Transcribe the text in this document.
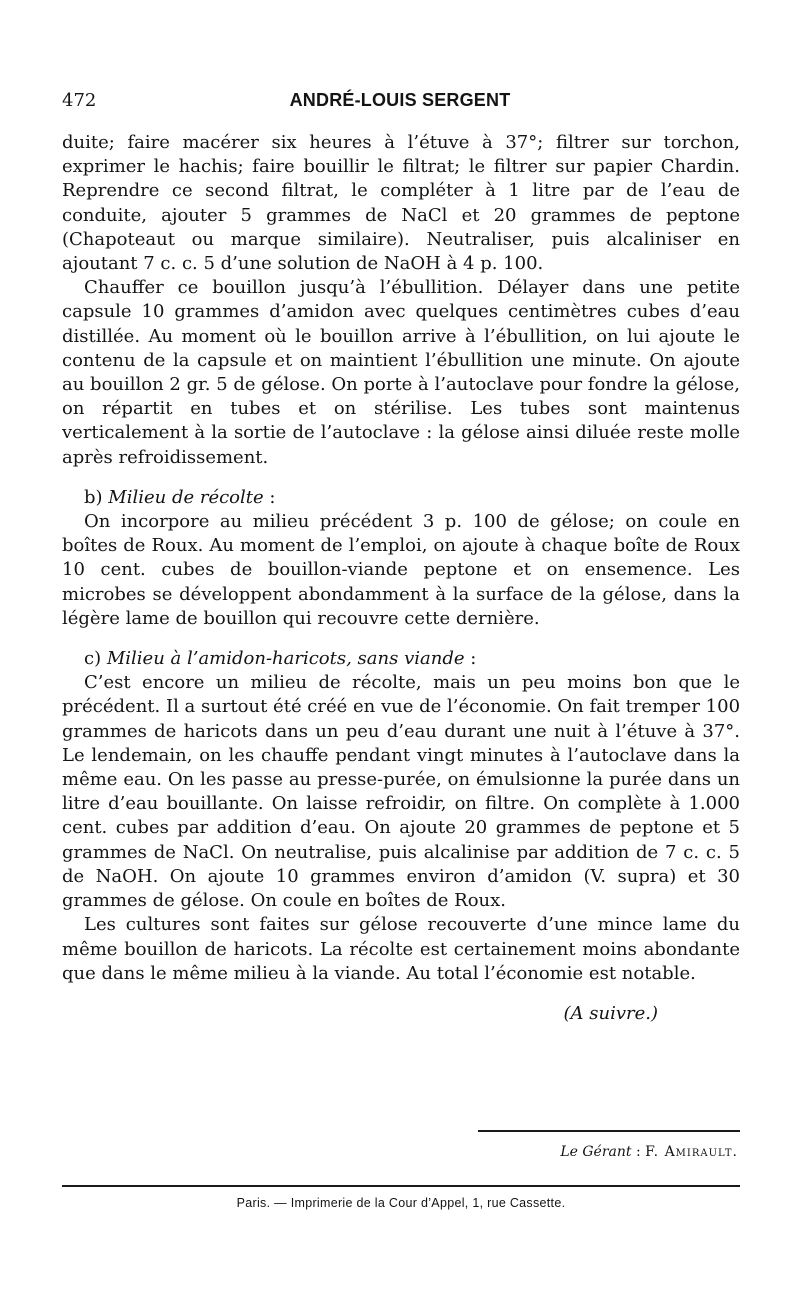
472	ANDRÉ-LOUIS SERGENT

duite; faire macérer six heures à l’étuve à 37°; filtrer sur torchon, exprimer le hachis; faire bouillir le filtrat; le filtrer sur papier Chardin. Reprendre ce second filtrat, le compléter à 1 litre par de l’eau de conduite, ajouter 5 grammes de NaCl et 20 grammes de peptone (Chapoteaut ou marque similaire). Neutraliser, puis alcaliniser en ajoutant 7 c. c. 5 d’une solution de NaOH à 4 p. 100.

Chauffer ce bouillon jusqu’à l’ébullition. Délayer dans une petite capsule 10 grammes d’amidon avec quelques centimètres cubes d’eau distillée. Au moment où le bouillon arrive à l’ébullition, on lui ajoute le contenu de la capsule et on maintient l’ébullition une minute. On ajoute au bouillon 2 gr. 5 de gélose. On porte à l’autoclave pour fondre la gélose, on répartit en tubes et on stérilise. Les tubes sont maintenus verticalement à la sortie de l’autoclave : la gélose ainsi diluée reste molle après refroidissement.

b) Milieu de récolte :

On incorpore au milieu précédent 3 p. 100 de gélose; on coule en boîtes de Roux. Au moment de l’emploi, on ajoute à chaque boîte de Roux 10 cent. cubes de bouillon-viande peptone et on ensemence. Les microbes se développent abondamment à la surface de la gélose, dans la légère lame de bouillon qui recouvre cette dernière.

c) Milieu à l’amidon-haricots, sans viande :

C’est encore un milieu de récolte, mais un peu moins bon que le précédent. Il a surtout été créé en vue de l’économie. On fait tremper 100 grammes de haricots dans un peu d’eau durant une nuit à l’étuve à 37°. Le lendemain, on les chauffe pendant vingt minutes à l’autoclave dans la même eau. On les passe au presse-purée, on émulsionne la purée dans un litre d’eau bouillante. On laisse refroidir, on filtre. On complète à 1.000 cent. cubes par addition d’eau. On ajoute 20 grammes de peptone et 5 grammes de NaCl. On neutralise, puis alcalinise par addition de 7 c. c. 5 de NaOH. On ajoute 10 grammes environ d’amidon (V. supra) et 30 grammes de gélose. On coule en boîtes de Roux.

Les cultures sont faites sur gélose recouverte d’une mince lame du même bouillon de haricots. La récolte est certainement moins abondante que dans le même milieu à la viande. Au total l’économie est notable.

(A suivre.)

Le Gérant : F. Amirault.
Paris. — Imprimerie de la Cour d’Appel, 1, rue Cassette.
